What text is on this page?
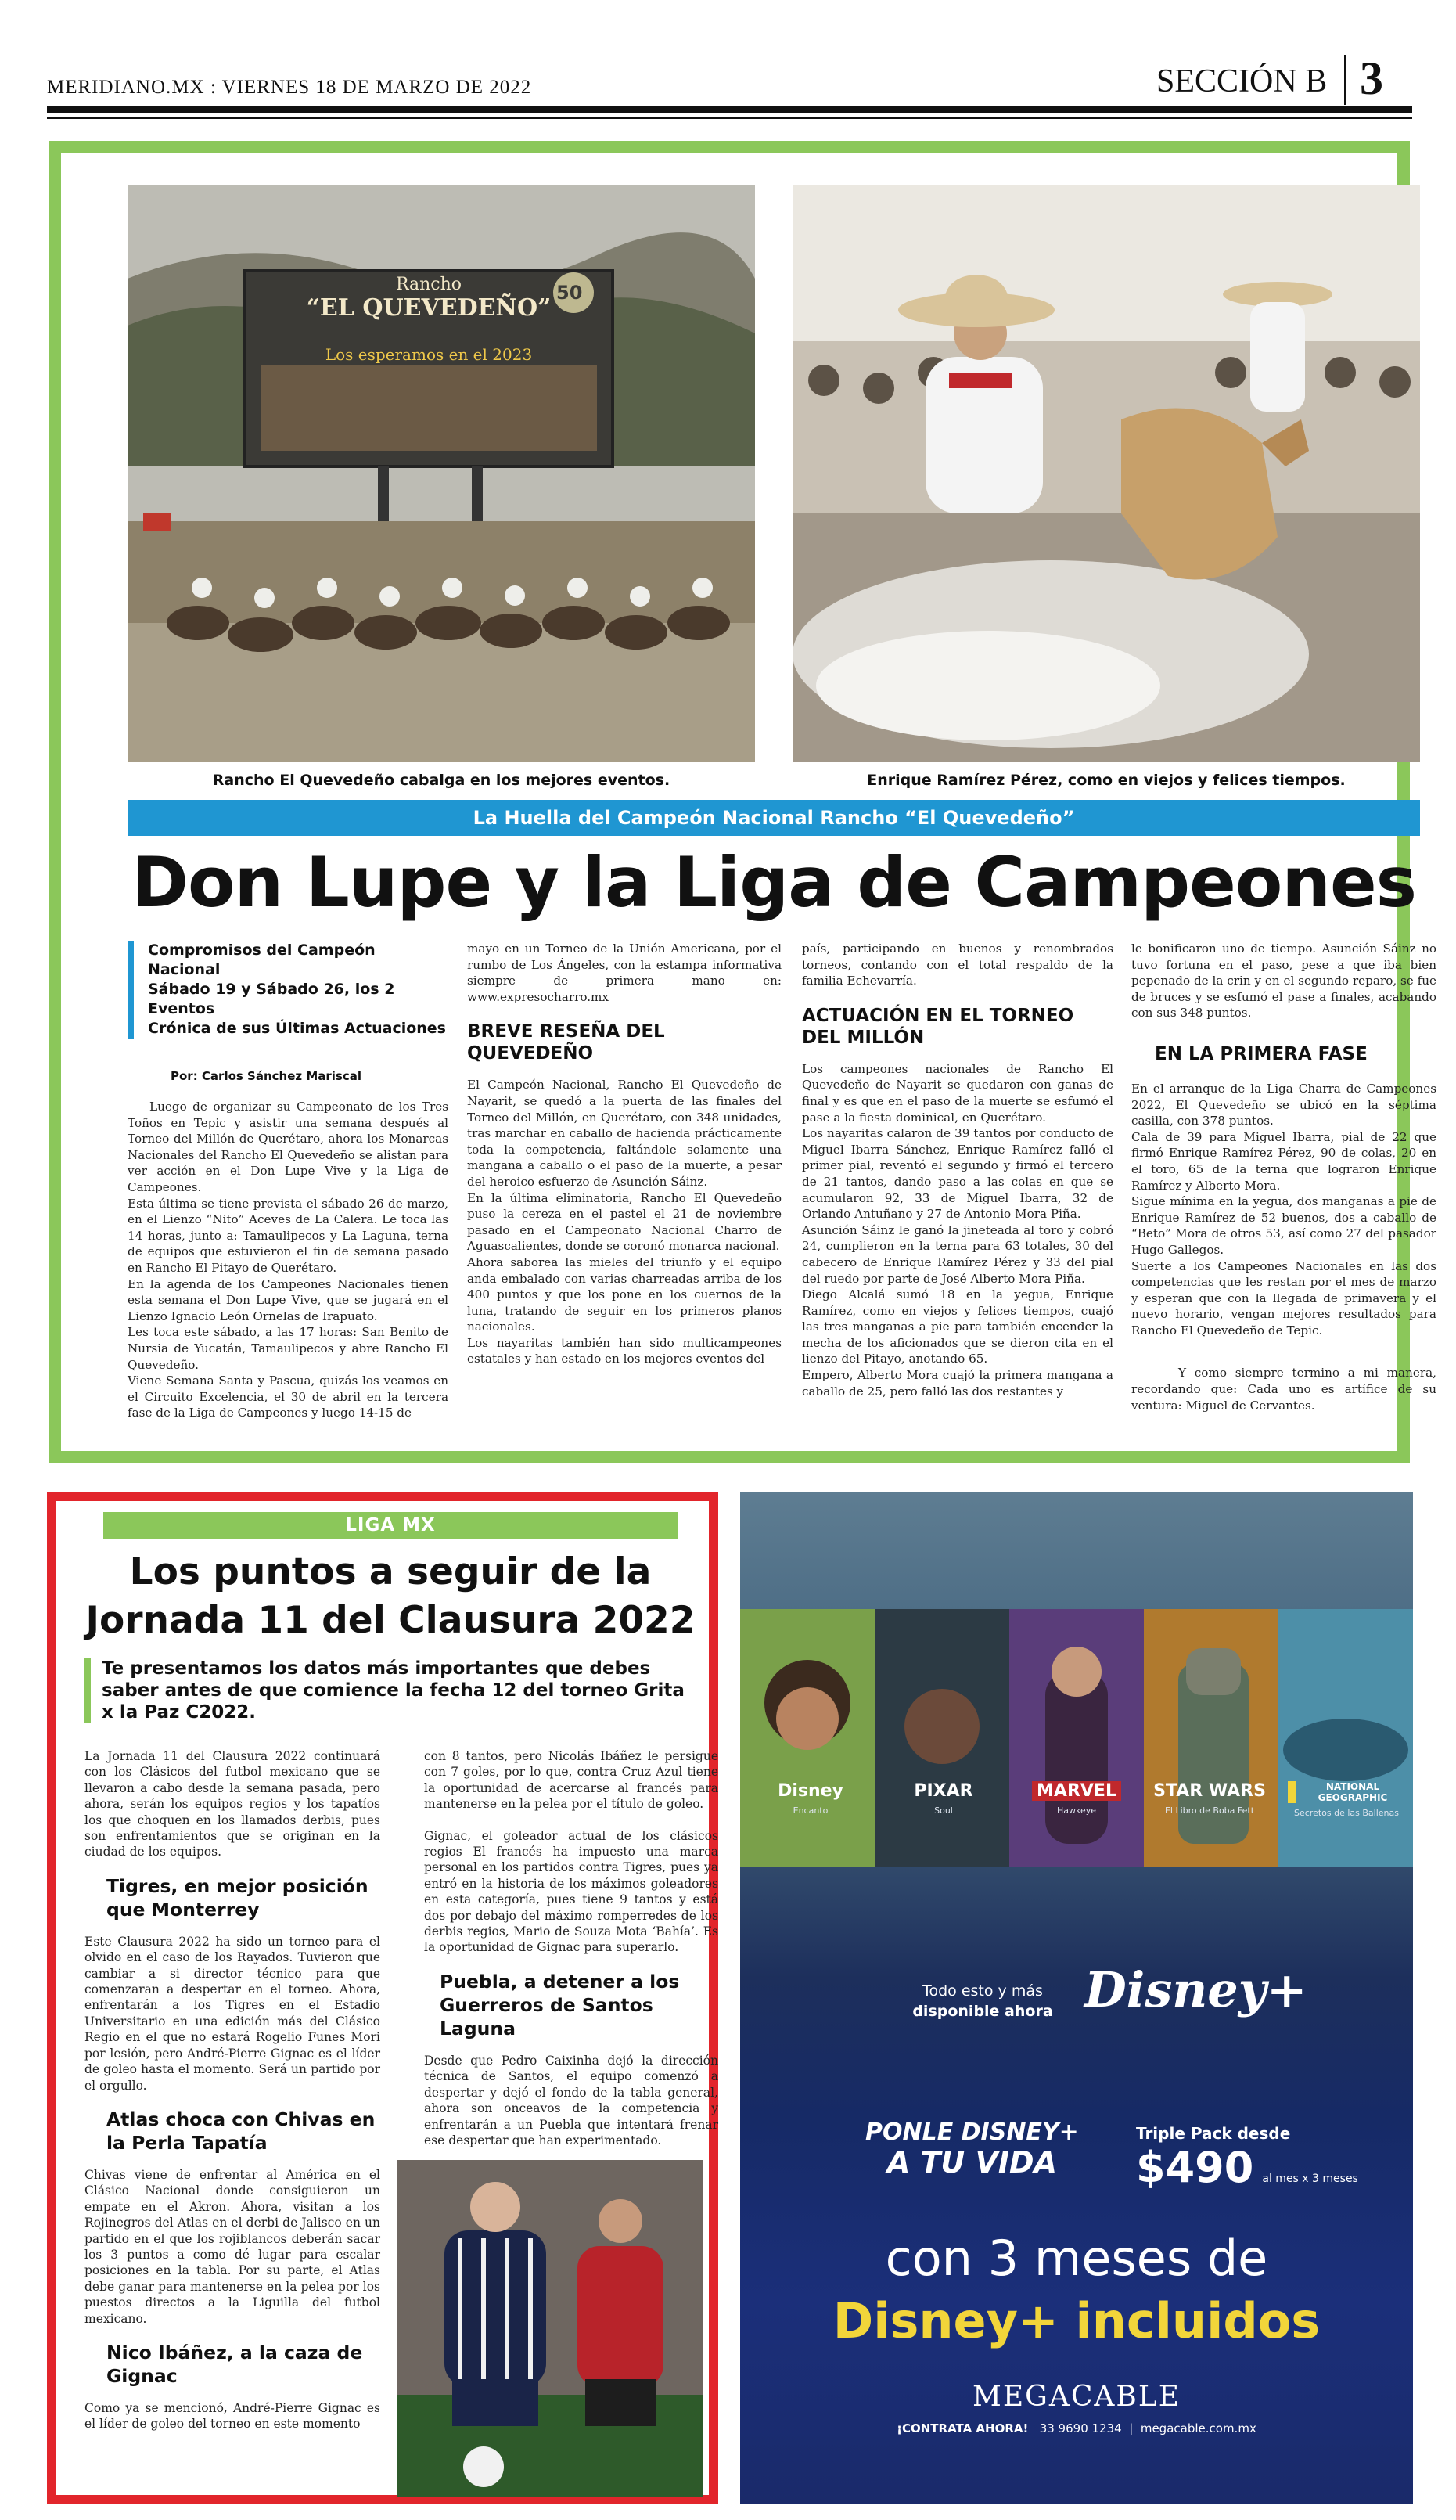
MERIDIANO.MX : VIERNES 18 DE MARZO DE 2022	SECCIÓN B 3
Rancho
“EL QUEVEDEÑO”
Los esperamos en el 2023
50
Rancho El Quevedeño cabalga en los mejores eventos.	Enrique Ramírez Pérez, como en viejos y felices tiempos.
La Huella del Campeón Nacional Rancho “El Quevedeño”
Don Lupe y la Liga de Campeones
Compromisos del Campeón Nacional
Sábado 19 y Sábado 26, los 2 Eventos
Crónica de sus Últimas Actuaciones
Por: Carlos Sánchez Mariscal

Luego de organizar su Campeonato de los Tres Toños en Tepic y asistir una semana después al Torneo del Millón de Querétaro, ahora los Monarcas Nacionales del Rancho El Quevedeño se alistan para ver acción en el Don Lupe Vive y la Liga de Campeones.

Esta última se tiene prevista el sábado 26 de marzo, en el Lienzo “Nito” Aceves de La Calera. Le toca las 14 horas, junto a: Tamaulipecos y La Laguna, terna de equipos que estuvieron el fin de semana pasado en Rancho El Pitayo de Querétaro.

En la agenda de los Campeones Nacionales tienen esta semana el Don Lupe Vive, que se jugará en el Lienzo Ignacio León Ornelas de Irapuato.

Les toca este sábado, a las 17 horas: San Benito de Nursia de Yucatán, Tamaulipecos y abre Rancho El Quevedeño.

Viene Semana Santa y Pascua, quizás los veamos en el Circuito Excelencia, el 30 de abril en la tercera fase de la Liga de Campeones y luego 14-15 de

mayo en un Torneo de la Unión Americana, por el rumbo de Los Ángeles, con la estampa informativa siempre de primera mano en: www.expresocharro.mx

BREVE RESEÑA DEL QUEVEDEÑO

El Campeón Nacional, Rancho El Quevedeño de Nayarit, se quedó a la puerta de las finales del Torneo del Millón, en Querétaro, con 348 unidades, tras marchar en caballo de hacienda prácticamente toda la competencia, faltándole solamente una mangana a caballo o el paso de la muerte, a pesar del heroico esfuerzo de Asunción Sáinz.

En la última eliminatoria, Rancho El Quevedeño puso la cereza en el pastel el 21 de noviembre pasado en el Campeonato Nacional Charro de Aguascalientes, donde se coronó monarca nacional.

Ahora saborea las mieles del triunfo y el equipo anda embalado con varias charreadas arriba de los 400 puntos y que los pone en los cuernos de la luna, tratando de seguir en los primeros planos nacionales.

Los nayaritas también han sido multicampeones estatales y han estado en los mejores eventos del

país, participando en buenos y renombrados torneos, contando con el total respaldo de la familia Echevarría.

ACTUACIÓN EN EL TORNEO DEL MILLÓN

Los campeones nacionales de Rancho El Quevedeño de Nayarit se quedaron con ganas de final y es que en el paso de la muerte se esfumó el pase a la fiesta dominical, en Querétaro.

Los nayaritas calaron de 39 tantos por conducto de Miguel Ibarra Sánchez, Enrique Ramírez falló el primer pial, reventó el segundo y firmó el tercero de 21 tantos, dando paso a las colas en que se acumularon 92, 33 de Miguel Ibarra, 32 de Orlando Antuñano y 27 de Antonio Mora Piña.

Asunción Sáinz le ganó la jineteada al toro y cobró 24, cumplieron en la terna para 63 totales, 30 del cabecero de Enrique Ramírez Pérez y 33 del pial del ruedo por parte de José Alberto Mora Piña.

Diego Alcalá sumó 18 en la yegua, Enrique Ramírez, como en viejos y felices tiempos, cuajó las tres manganas a pie para también encender la mecha de los aficionados que se dieron cita en el lienzo del Pitayo, anotando 65.

Empero, Alberto Mora cuajó la primera mangana a caballo de 25, pero falló las dos restantes y

le bonificaron uno de tiempo. Asunción Sáinz no tuvo fortuna en el paso, pese a que iba bien pepenado de la crin y en el segundo reparo, se fue de bruces y se esfumó el pase a finales, acabando con sus 348 puntos.

EN LA PRIMERA FASE

En el arranque de la Liga Charra de Campeones 2022, El Quevedeño se ubicó en la séptima casilla, con 378 puntos.

Cala de 39 para Miguel Ibarra, pial de 22 que firmó Enrique Ramírez Pérez, 90 de colas, 20 en el toro, 65 de la terna que lograron Enrique Ramírez y Alberto Mora.

Sigue mínima en la yegua, dos manganas a pie de Enrique Ramírez de 52 buenos, dos a caballo de “Beto” Mora de otros 53, así como 27 del pasador Hugo Gallegos.

Suerte a los Campeones Nacionales en las dos competencias que les restan por el mes de marzo y esperan que con la llegada de primavera y el nuevo horario, vengan mejores resultados para Rancho El Quevedeño de Tepic.

Y como siempre termino a mi manera, recordando que: Cada uno es artífice de su ventura: Miguel de Cervantes.

LIGA MX
Los puntos a seguir de la Jornada 11 del Clausura 2022
Te presentamos los datos más importantes que debes saber antes de que comience la fecha 12 del torneo Grita x la Paz C2022.

La Jornada 11 del Clausura 2022 continuará con los Clásicos del futbol mexicano que se llevaron a cabo desde la semana pasada, pero ahora, serán los equipos regios y los tapatíos los que choquen en los llamados derbis, pues son enfrentamientos que se originan en la ciudad de los equipos.

Tigres, en mejor posición que Monterrey

Este Clausura 2022 ha sido un torneo para el olvido en el caso de los Rayados. Tuvieron que cambiar a si director técnico para que comenzaran a despertar en el torneo. Ahora, enfrentarán a los Tigres en el Estadio Universitario en una edición más del Clásico Regio en el que no estará Rogelio Funes Mori por lesión, pero André-Pierre Gignac es el líder de goleo hasta el momento. Será un partido por el orgullo.

Atlas choca con Chivas en la Perla Tapatía

Chivas viene de enfrentar al América en el Clásico Nacional donde consiguieron un empate en el Akron. Ahora, visitan a los Rojinegros del Atlas en el derbi de Jalisco en un partido en el que los rojiblancos deberán sacar los 3 puntos a como dé lugar para escalar posiciones en la tabla. Por su parte, el Atlas debe ganar para mantenerse en la pelea por los puestos directos a la Liguilla del futbol mexicano.

Nico Ibáñez, a la caza de Gignac

Como ya se mencionó, André-Pierre Gignac es el líder de goleo del torneo en este momento

con 8 tantos, pero Nicolás Ibáñez le persigue con 7 goles, por lo que, contra Cruz Azul tiene la oportunidad de acercarse al francés para mantenerse en la pelea por el título de goleo.

Gignac, el goleador actual de los clásicos regios El francés ha impuesto una marca personal en los partidos contra Tigres, pues ya entró en la historia de los máximos goleadores en esta categoría, pues tiene 9 tantos y está dos por debajo del máximo romperredes de los derbis regios, Mario de Souza Mota ‘Bahía’. Es la oportunidad de Gignac para superarlo.

Puebla, a detener a los Guerreros de Santos Laguna

Desde que Pedro Caixinha dejó la dirección técnica de Santos, el equipo comenzó a despertar y dejó el fondo de la tabla general, ahora son onceavos de la competencia y enfrentarán a un Puebla que intentará frenar ese despertar que han experimentado.

Disney
Encanto
PIXAR
Soul
MARVEL
Hawkeye
STAR WARS
El Libro de Boba Fett
NATIONAL GEOGRAPHIC
Secretos de las Ballenas
Todo esto y más
disponible ahora Disney+
PONLE DISNEY+
A TU VIDA
Triple Pack desde
$490 al mes x 3 meses
con 3 meses de
Disney+ incluidos
MEGACABLE
¡CONTRATA AHORA! 33 9690 1234  |  megacable.com.mx
